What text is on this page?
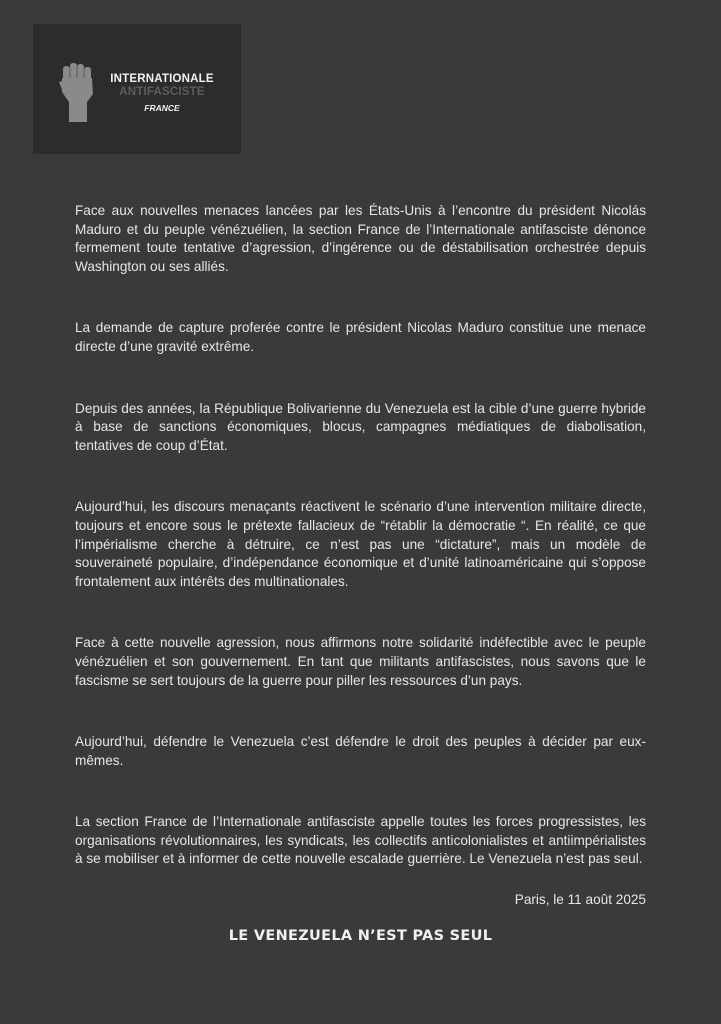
INTERNATIONALE
ANTIFASCISTE
FRANCE

Face aux nouvelles menaces lancées par les États-Unis à l’encontre du président Nicolás Maduro et du peuple vénézuélien, la section France de l’Internationale antifasciste dénonce fermement toute tentative d’agression, d’ingérence ou de déstabilisation orchestrée depuis Washington ou ses alliés.

La demande de capture proferée contre le président Nicolas Maduro constitue une menace directe d’une gravité extrême.

Depuis des années, la République Bolivarienne du Venezuela est la cible d’une guerre hybride à base de sanctions économiques, blocus, campagnes médiatiques de diabolisation, tentatives de coup d’État.

Aujourd’hui, les discours menaçants réactivent le scénario d’une intervention militaire directe, toujours et encore sous le prétexte fallacieux de “rétablir la démocratie “. En réalité, ce que l’impérialisme cherche à détruire, ce n’est pas une “dictature”, mais un modèle de souveraineté populaire, d’indépendance économique et d’unité latinoaméricaine qui s’oppose frontalement aux intérêts des multinationales.

Face à cette nouvelle agression, nous affirmons notre solidarité indéfectible avec le peuple vénézuélien et son gouvernement. En tant que militants antifascistes, nous savons que le fascisme se sert toujours de la guerre pour piller les ressources d’un pays.

Aujourd’hui, défendre le Venezuela c’est défendre le droit des peuples à décider par eux-mêmes.

La section France de l’Internationale antifasciste appelle toutes les forces progressistes, les organisations révolutionnaires, les syndicats, les collectifs anticolonialistes et antiimpérialistes à se mobiliser et à informer de cette nouvelle escalade guerrière. Le Venezuela n’est pas seul.

Paris, le 11 août 2025
LE VENEZUELA N’EST PAS SEUL
